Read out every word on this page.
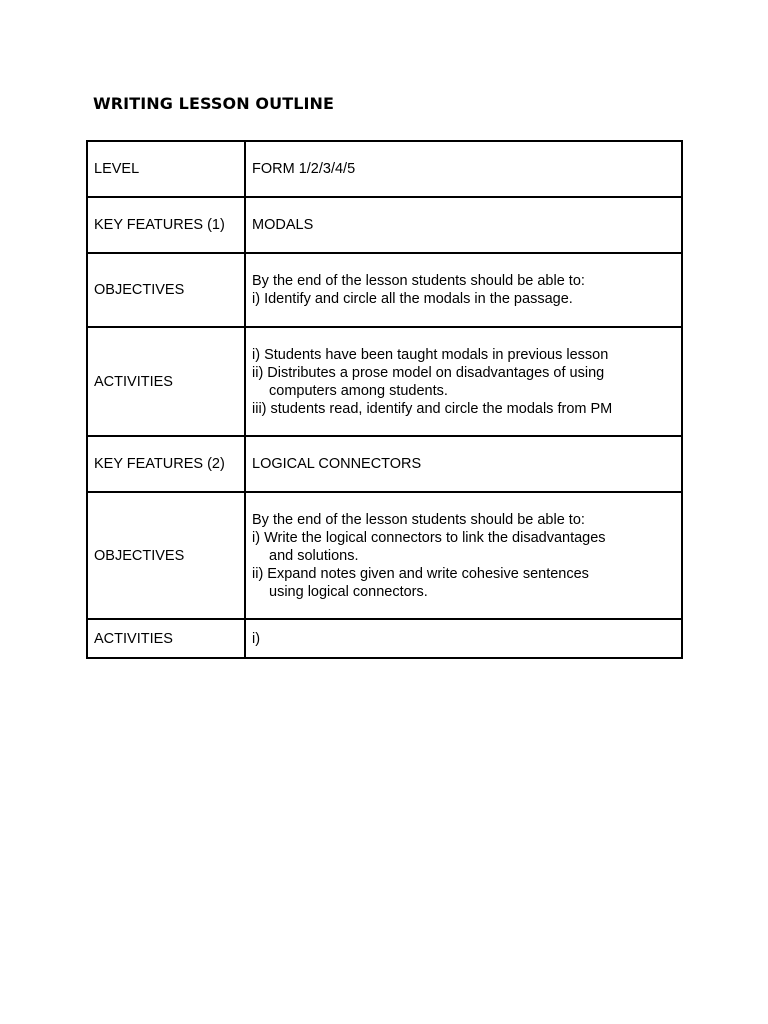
WRITING LESSON OUTLINE
LEVEL	FORM 1/2/3/4/5

KEY FEATURES (1)	MODALS

OBJECTIVES	By the end of the lesson students should be able to:
i) Identify and circle all the modals in the passage.

ACTIVITIES	i) Students have been taught modals in previous lesson
ii) Distributes a prose model on disadvantages of using
computers among students.
iii) students read, identify and circle the modals from PM

KEY FEATURES (2)	LOGICAL CONNECTORS

OBJECTIVES	By the end of the lesson students should be able to:
i) Write the logical connectors to link the disadvantages
and solutions.
ii) Expand notes given and write cohesive sentences
using logical connectors.

ACTIVITIES	i)
